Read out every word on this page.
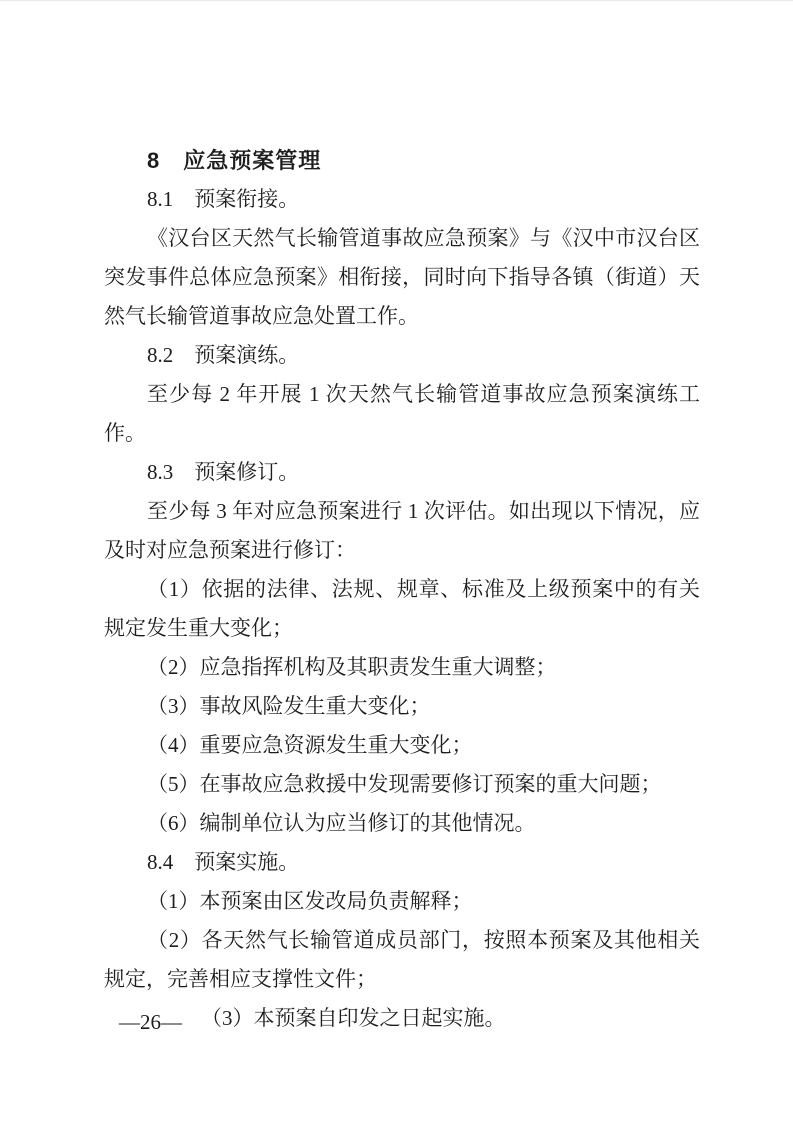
8　应急预案管理

8.1　预案衔接。

《汉台区天然气长输管道事故应急预案》与《汉中市汉台区突发事件总体应急预案》相衔接，同时向下指导各镇（街道）天然气长输管道事故应急处置工作。

8.2　预案演练。

至少每 2 年开展 1 次天然气长输管道事故应急预案演练工作。

8.3　预案修订。

至少每 3 年对应急预案进行 1 次评估。如出现以下情况，应及时对应急预案进行修订：

（1）依据的法律、法规、规章、标准及上级预案中的有关规定发生重大变化；

（2）应急指挥机构及其职责发生重大调整；

（3）事故风险发生重大变化；

（4）重要应急资源发生重大变化；

（5）在事故应急救援中发现需要修订预案的重大问题；

（6）编制单位认为应当修订的其他情况。

8.4　预案实施。

（1）本预案由区发改局负责解释；

（2）各天然气长输管道成员部门，按照本预案及其他相关规定，完善相应支撑性文件；

（3）本预案自印发之日起实施。

—26—
